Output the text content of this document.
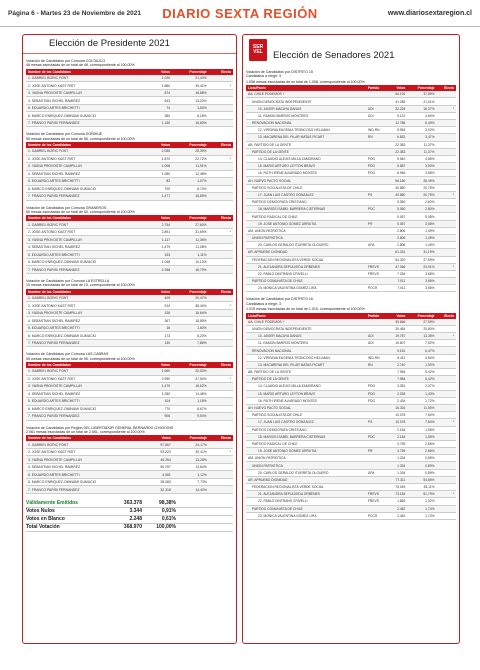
Página 6 - Martes 23 de Noviembre de 2021	DIARIO SEXTA REGIÓN	www.diariosextaregion.cl
Elección de Presidente 2021
Votación de Candidatos por Comuna COLTAUCO
48 mesas escrutadas de un total de 48, correspondiente al 100,00%
Nombre de los Candidatos	Votos	Porcentaje	Electo
1. GABRIEL BORIC FONT	1.020	21,44%	
2. JOSE ANTONIO KAST RIST	1.880	39,41%	*
3. YASNA PROVOSTE CAMPILLAY	874	18,88%	
4. SEBASTIAN SICHEL RAMIREZ	643	13,20%	
5. EDUARDO ARTES BRICHETTI	74	1,54%	
6. MARCO ENRIQUEZ-OMINAMI GUMUCIO	380	8,18%	
7. FRANCO PARISI FERNANDEZ	1.130	16,60%	
Votación de Candidatos por Comuna DOÑIHUE
56 mesas escrutadas de un total de 56, correspondiente al 100,00%
Nombre de los Candidatos	Votos	Porcentaje	Electo
1. GABRIEL BORIC FONT	2.055	25,39%	
2. JOSE ANTONIO KAST RIST	1.870	22,72%	*
3. YASNA PROVOSTE CAMPILLAY	1.008	11,91%	
4. SEBASTIAN SICHEL RAMIREZ	1.080	12,48%	
5. EDUARDO ARTES BRICHETTI	83	1,07%	
6. MARCO ENRIQUEZ-OMINAMI GUMUCIO	700	8,74%	
7. FRANCO PARISI FERNANDEZ	1.477	16,89%	
Votación de Candidatos por Comuna GRANEROS
60 mesas escrutadas de un total de 60, correspondiente al 100,00%
Nombre de los Candidatos	Votos	Porcentaje	Electo
1. GABRIEL BORIC FONT	2.754	27,60%	
2. JOSE ANTONIO KAST RIST	2.891	31,69%	*
3. YASNA PROVOSTE CAMPILLAY	1.117	11,36%	
4. SEBASTIAN SICHEL RAMIREZ	1.479	11,08%	
5. EDUARDO ARTES BRICHETTI	153	1,11%	
6. MARCO ENRIQUEZ-OMINAMI GUMUCIO	1.048	10,10%	
7. FRANCO PARISI FERNANDEZ	2.258	16,79%	
Votación de Candidatos por Comuna LA ESTRELLA
15 mesas escrutadas de un total de 15, correspondiente al 100,00%
Nombre de los Candidatos	Votos	Porcentaje	Electo
1. GABRIEL BORIC FONT	409	20,47%	
2. JOSE ANTONIO KAST RIST	914	38,44%	*
3. YASNA PROVOSTE CAMPILLAY	326	16,64%	
4. SEBASTIAN SICHEL RAMIREZ	367	18,89%	
5. EDUARDO ARTES BRICHETTI	16	1,60%	
6. MARCO ENRIQUEZ-OMINAMI GUMUCIO	173	8,20%	
7. FRANCO PARISI FERNANDEZ	130	7,86%	
Votación de Candidatos por Comuna LAS CABRAS
55 mesas escrutadas de un total de 55, correspondiente al 100,00%
Nombre de los Candidatos	Votos	Porcentaje	Electo
1. GABRIEL BORIC FONT	1.660	20,53%	
2. JOSE ANTONIO KAST RIST	2.990	37,54%	*
3. YASNA PROVOSTE CAMPILLAY	1.470	16,62%	
4. SEBASTIAN SICHEL RAMIREZ	1.280	14,48%	
5. EDUARDO ARTES BRICHETTI	104	1,18%	
6. MARCO ENRIQUEZ-OMINAMI GUMUCIO	770	8,67%	
7. FRANCO PARISI FERNANDEZ	906	9,94%	
Votación de Candidatos por Región DEL LIBERTADOR GENERAL BERNARDO O'HIGGINS
2.061 mesas escrutadas de un total de 2.061, correspondiente al 100,00%
Nombre de los Candidatos	Votos	Porcentaje	Electo
1. GABRIEL BORIC FONT	97.667	24,17%	
2. JOSE ANTONIO KAST RIST	93.223	30,41%	*
3. YASNA PROVOSTE CAMPILLAY	48.264	13,28%	
4. SEBASTIAN SICHEL RAMIREZ	50.297	13,84%	
5. EDUARDO ARTES BRICHETTI	4.061	1,12%	
6. MARCO ENRIQUEZ-OMINAMI GUMUCIO	28.083	7,73%	
7. FRANCO PARISI FERNANDEZ	32.318	14,40%	
Válidamente Emitidos	363.378	98,38%
Votos Nulos	3.344	0,91%
Votos en Blanco	2.248	0,61%
Total Votación	368.970	100,00%
SER VEL	Elección de Senadores 2021
Votación de Candidatos por DISTRITO 15
Candidatos a elegir: 3
1.058 mesas escrutadas de un total de 1.058, correspondiente al 100,00%
Lista/Pacto	Partido	Votos	Porcentaje	Electo
AA. CHILE PODEMOS +		54.192	37,89%	
UNION DEMOCRATA INDEPENDIENTE		41.286	21,01%	
10. JAVIER MACAYA DANUS	UDI	32.225	16,37%	*
11. RAMON BARROS MONTERO	UDI	9.131	4,64%	
RENOVACION NACIONAL		12.786	6,49%	
12. VIRGINIA EUGENIA TRONCOSO HELLMAN	IND-RN	5.954	3,02%	
13. MACARENA DEL PILAR MATAS PICART	RN	6.832	3,47%	
AB. PARTIDO DE LA GENTE		22.383	11,37%	
PARTIDO DE LA GENTE		22.383	11,37%	
14. CLAUDIO ALEXIS MILLA ZAMORANO	PDG	9.540	4,85%	
15. MARIO ARTURO LEYTON BRAVO	PDG	5.887	3,00%	
16. RUTH IRENE ALVARADO MONTES	PDG	6.946	3,58%	
AH. NUEVO PACTO SOCIAL		56.180	28,49%	
PARTIDO SOCIALISTA DE CHILE		40.850	20,75%	
17. JUAN LUIS CASTRO GONZALEZ	PS	40.850	20,75%	*
PARTIDO DEMOCRATA CRISTIANO		5.050	2,60%	
18. MARIOS ISABEL BARRERA CISTERNAS	PDC	5.050	2,60%	
PARTIDO RADICAL DE CHILE		5.057	5,08%	
19. JOSE ANTONIO GOMEZ URRUTIA	PR	5.057	3,08%	
AM. UNION PATRIOTICA		2.806	1,49%	
UNION PATRIOTICA		2.806	1,49%	
20. CARLOS GERALDO ITURRETA OLGUERO	UPA	2.806	1,49%	
AR. APRUEBO DIGNIDAD		61.331	31,15%	
FEDERACION REGIONALISTA VERDE SOCIAL		54.320	27,59%	
21. ALEJANDRA SEPULVEDA ORBENES	FREVS	47.066	23,91%	*
22. PABLO DINTRANS CRIVELLI	FREVS	7.254	3,68%	
PARTIDO COMUNISTA DE CHILE		7.011	3,56%	
23. MONICA VALENTINA GOMEZ LIRA	PCCH	7.011	3,56%	
Votación de Candidatos por DISTRITO 16
Candidatos a elegir: 3
1.015 mesas escrutadas de un total de 1.015, correspondiente al 100,00%
Lista/Pacto	Partido	Votos	Porcentaje	Electo
AA. CHILE PODEMOS +		39.666	27,59%	
UNION DEMOCRATA INDEPENDIENTE		30.464	20,80%	
10. JAVIER MACAYA DANUS	UDI	19.787	13,35%	*
11. RAMON BARROS MONTERO	UDI	10.807	7,52%	
RENOVACION NACIONAL		9.151	6,47%	
12. VIRGINIA EUGENIA TRONCOSO HELLMAN	IND-RN	6.411	4,54%	
13. MACARENA DEL PILAR MATAS PICART	RN	2.740	1,93%	
AB. PARTIDO DE LA GENTE		7.984	5,42%	
PARTIDO DE LA GENTE		7.984	5,42%	
14. CLAUDIO ALEXIS MILLA ZAMORANO	PDG	3.351	2,37%	
15. MARIO ARTURO LEYTON BRAVO	PDG	2.028	1,43%	
16. RUTH IRENE ALVARADO MONTES	PDG	2.434	1,72%	
AH. NUEVO PACTO SOCIAL		16.316	11,55%	
PARTIDO SOCIALISTA DE CHILE		10.078	7,54%	
17. JUAN LUIS CASTRO GONZALEZ	PS	10.078	7,54%	*
PARTIDO DEMOCRATA CRISTIANO		2.184	1,55%	
18. MARIOS ISABEL BARRERA CISTERNAS	PDC	2.184	1,55%	
PARTIDO RADICAL DE CHILE		3.759	2,66%	
19. JOSE ANTONIO GOMEZ URRUTIA	PR	3.759	2,66%	
AM. UNION PATRIOTICA		1.334	0,89%	
UNION PATRIOTICA		1.334	0,89%	
20. CARLOS GERALDO ITURRETA OLGUERO	UPA	1.334	0,89%	
AR. APRUEBO DIGNIDAD		77.311	54,65%	
FEDERACION REGIONALISTA VERDE SOCIAL		75.049	53,11%	
21. ALEJANDRA SEPULVEDA ORBENES	FREVS	73.184	51,79%	*
22. PABLO DINTRANS CRIVELLI	FREVS	1.865	1,32%	
PARTIDO COMUNISTA DE CHILE		2.462	1,74%	
23. MONICA VALENTINA GOMEZ LIRA	PCCH	2.462	1,74%	
